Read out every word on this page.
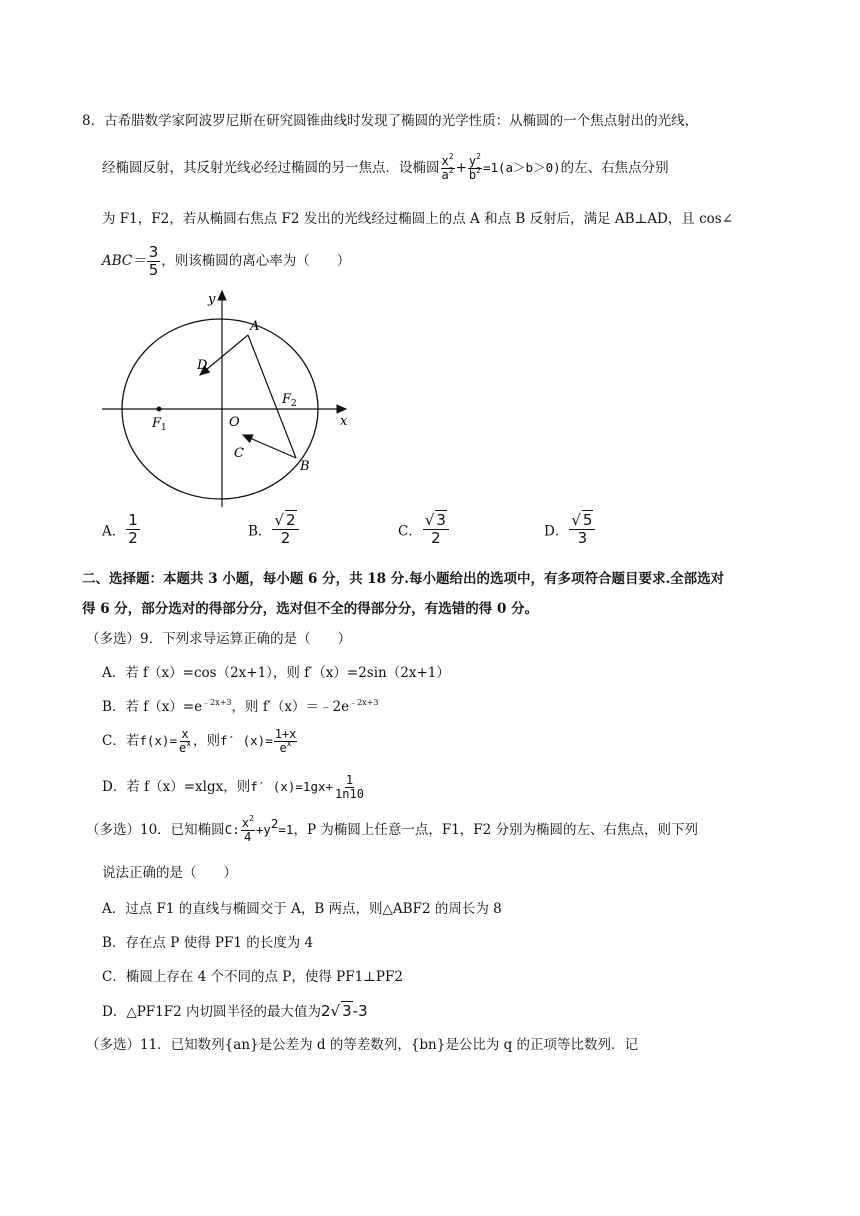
8．古希腊数学家阿波罗尼斯在研究圆锥曲线时发现了椭圆的光学性质：从椭圆的一个焦点射出的光线，
经椭圆反射，其反射光线必经过椭圆的另一焦点．设椭圆 $\frac{x^2}{a^2} + \frac{y^2}{b^2} =1(a>b>0)$的左、右焦点分别
为 F1，F2，若从椭圆右焦点 F2 发出的光线经过椭圆上的点 A 和点 B 反射后，满足 AB⊥AD，且 cos∠
$ABC= \frac{3}{5}$ ，则该椭圆的离心率为（　　）
y
x
O
A
B
C
D
$F_1$
$F_2$
A． $\frac{1}{2}$	B． $\frac{√ 2}{2}$	C． $\frac{√ 3}{2}$	D． $\frac{√ 5}{3}$
二、选择题：本题共 3 小题，每小题 6 分，共 18 分.每小题给出的选项中，有多项符合题目要求.全部选对
得 6 分，部分选对的得部分分，选对但不全的得部分分，有选错的得 0 分。
（多选）9．下列求导运算正确的是（　　）
A．若 f（x）=cos（2x+1），则 f′（x）=2sin（2x+1）
B．若 $f(x)=e^{﹣2x+3}$，则 $f'(x)=﹣2e^{﹣2x+3}$
C．若$f(x)= \frac{x}{e^x}$ ，则f′ $(x)= \frac{1+x}{e^x}$
D．若 f（x）=xlgx，则f′ $(x)=1gx+ \frac{1}{1n10}$
（多选）10．已知椭圆C: $\frac{x^2}{4} +y^2=1$，P 为椭圆上任意一点，F1，F2 分别为椭圆的左、右焦点，则下列
说法正确的是（　　）
A．过点 F1 的直线与椭圆交于 A，B 两点，则△ABF2 的周长为 8
B．存在点 P 使得 PF1 的长度为 4
C．椭圆上存在 4 个不同的点 P，使得 PF1⊥PF2
D．△PF1F2 内切圆半径的最大值为2√ 3-3
（多选）11．已知数列{an}是公差为 d 的等差数列，{bn}是公比为 q 的正项等比数列．记
